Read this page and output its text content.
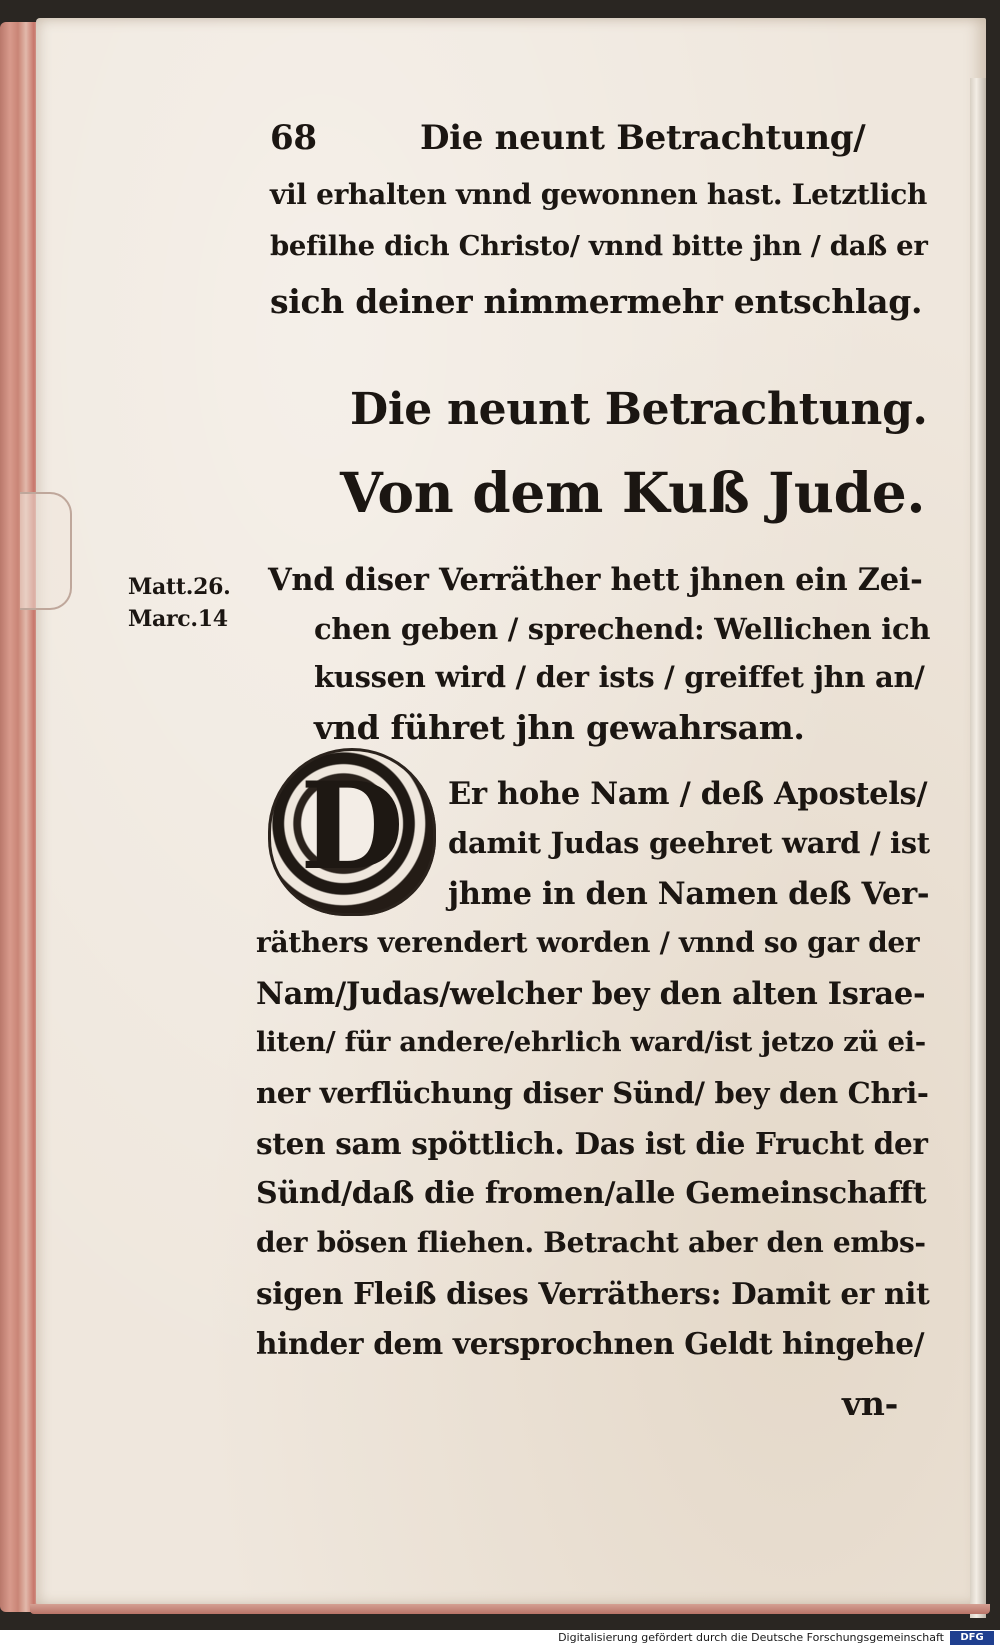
68	Die neunt Betrachtung/
vil erhalten vnnd gewonnen hast. Letztlich
befilhe dich Christo/ vnnd bitte jhn / daß er
sich deiner nimmermehr entschlag.
Die neunt Betrachtung.
Von dem Kuß Jude.
Matt.26.
Marc.14
Vnd diser Verräther hett jhnen ein Zei-
chen geben / sprechend: Wellichen ich
kussen wird / der ists / greiffet jhn an/
vnd führet jhn gewahrsam.
D Er hohe Nam / deß Apostels/
damit Judas geehret ward / ist
jhme in den Namen deß Ver-
räthers verendert worden / vnnd so gar der
Nam/Judas/welcher bey den alten Israe-
liten/ für andere/ehrlich ward/ist jetzo zü ei-
ner verflüchung diser Sünd/ bey den Chri-
sten sam spöttlich. Das ist die Frucht der
Sünd/daß die fromen/alle Gemeinschafft
der bösen fliehen. Betracht aber den embs-
sigen Fleiß dises Verräthers: Damit er nit
hinder dem versprochnen Geldt hingehe/
vn-
Digitalisierung gefördert durch die Deutsche Forschungsgemeinschaft	DFG
